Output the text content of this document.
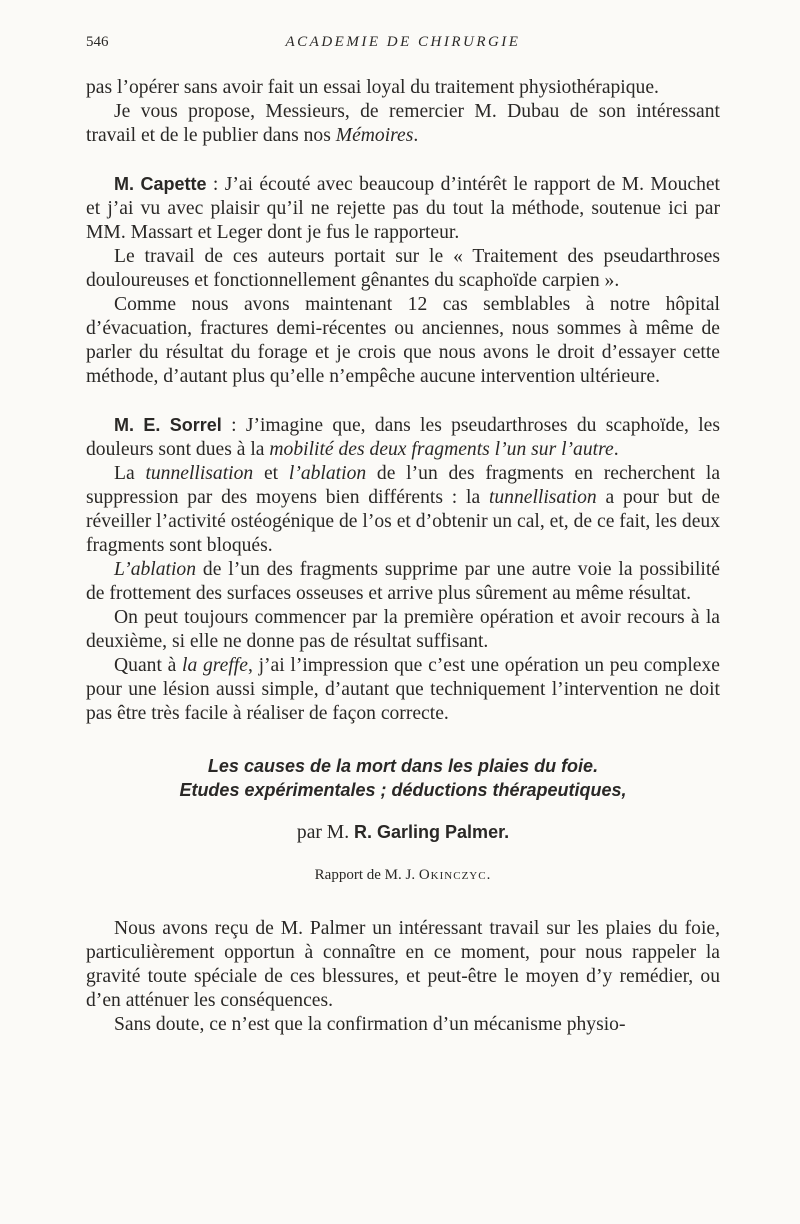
546	ACADEMIE DE CHIRURGIE

pas l’opérer sans avoir fait un essai loyal du traitement physiothérapique.

Je vous propose, Messieurs, de remercier M. Dubau de son intéressant travail et de le publier dans nos Mémoires.

M. Capette : J’ai écouté avec beaucoup d’intérêt le rapport de M. Mouchet et j’ai vu avec plaisir qu’il ne rejette pas du tout la méthode, soutenue ici par MM. Massart et Leger dont je fus le rapporteur.

Le travail de ces auteurs portait sur le « Traitement des pseudarthroses douloureuses et fonctionnellement gênantes du scaphoïde carpien ».

Comme nous avons maintenant 12 cas semblables à notre hôpital d’évacuation, fractures demi-récentes ou anciennes, nous sommes à même de parler du résultat du forage et je crois que nous avons le droit d’essayer cette méthode, d’autant plus qu’elle n’empêche aucune intervention ultérieure.

M. E. Sorrel : J’imagine que, dans les pseudarthroses du scaphoïde, les douleurs sont dues à la mobilité des deux fragments l’un sur l’autre.

La tunnellisation et l’ablation de l’un des fragments en recherchent la suppression par des moyens bien différents : la tunnellisation a pour but de réveiller l’activité ostéogénique de l’os et d’obtenir un cal, et, de ce fait, les deux fragments sont bloqués.

L’ablation de l’un des fragments supprime par une autre voie la possibilité de frottement des surfaces osseuses et arrive plus sûrement au même résultat.

On peut toujours commencer par la première opération et avoir recours à la deuxième, si elle ne donne pas de résultat suffisant.

Quant à la greffe, j’ai l’impression que c’est une opération un peu complexe pour une lésion aussi simple, d’autant que techniquement l’intervention ne doit pas être très facile à réaliser de façon correcte.

Les causes de la mort dans les plaies du foie.
Etudes expérimentales ; déductions thérapeutiques,
par M. R. Garling Palmer.
Rapport de M. J. Okinczyc.

Nous avons reçu de M. Palmer un intéressant travail sur les plaies du foie, particulièrement opportun à connaître en ce moment, pour nous rappeler la gravité toute spéciale de ces blessures, et peut-être le moyen d’y remédier, ou d’en atténuer les conséquences.

Sans doute, ce n’est que la confirmation d’un mécanisme physio-
